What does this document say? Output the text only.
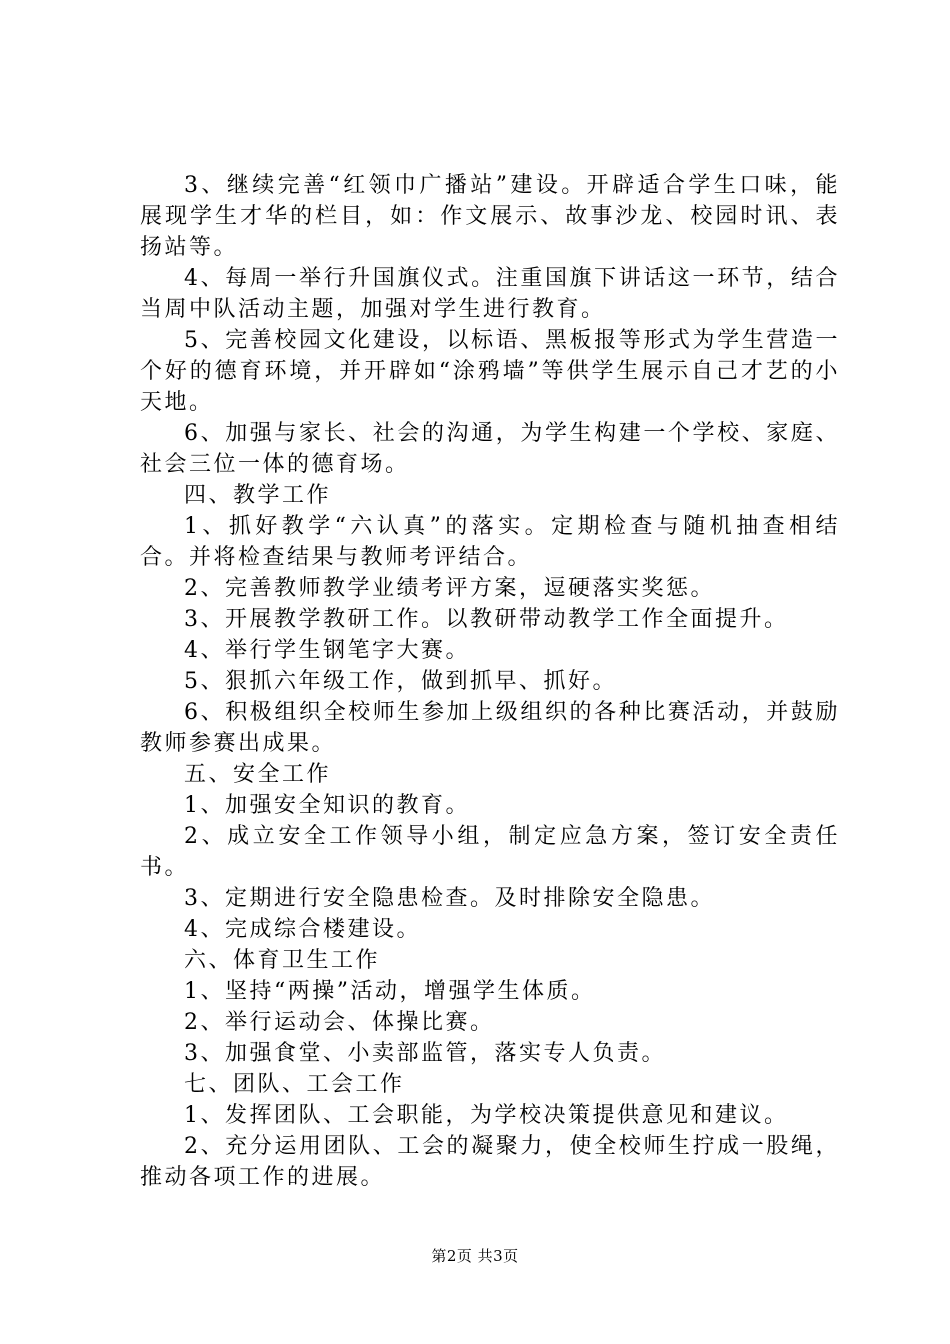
3、继续完善“红领巾广播站”建设。开辟适合学生口味，能展现学生才华的栏目，如：作文展示、故事沙龙、校园时讯、表扬站等。

4、每周一举行升国旗仪式。注重国旗下讲话这一环节，结合当周中队活动主题，加强对学生进行教育。

5、完善校园文化建设，以标语、黑板报等形式为学生营造一个好的德育环境，并开辟如“涂鸦墙”等供学生展示自己才艺的小天地。

6、加强与家长、社会的沟通，为学生构建一个学校、家庭、社会三位一体的德育场。

四、教学工作

1、抓好教学“六认真”的落实。定期检查与随机抽查相结合。并将检查结果与教师考评结合。

2、完善教师教学业绩考评方案，逗硬落实奖惩。

3、开展教学教研工作。以教研带动教学工作全面提升。

4、举行学生钢笔字大赛。

5、狠抓六年级工作，做到抓早、抓好。

6、积极组织全校师生参加上级组织的各种比赛活动，并鼓励教师参赛出成果。

五、安全工作

1、加强安全知识的教育。

2、成立安全工作领导小组，制定应急方案，签订安全责任书。

3、定期进行安全隐患检查。及时排除安全隐患。

4、完成综合楼建设。

六、体育卫生工作

1、坚持“两操”活动，增强学生体质。

2、举行运动会、体操比赛。

3、加强食堂、小卖部监管，落实专人负责。

七、团队、工会工作

1、发挥团队、工会职能，为学校决策提供意见和建议。

2、充分运用团队、工会的凝聚力，使全校师生拧成一股绳，推动各项工作的进展。

第2页 共3页
